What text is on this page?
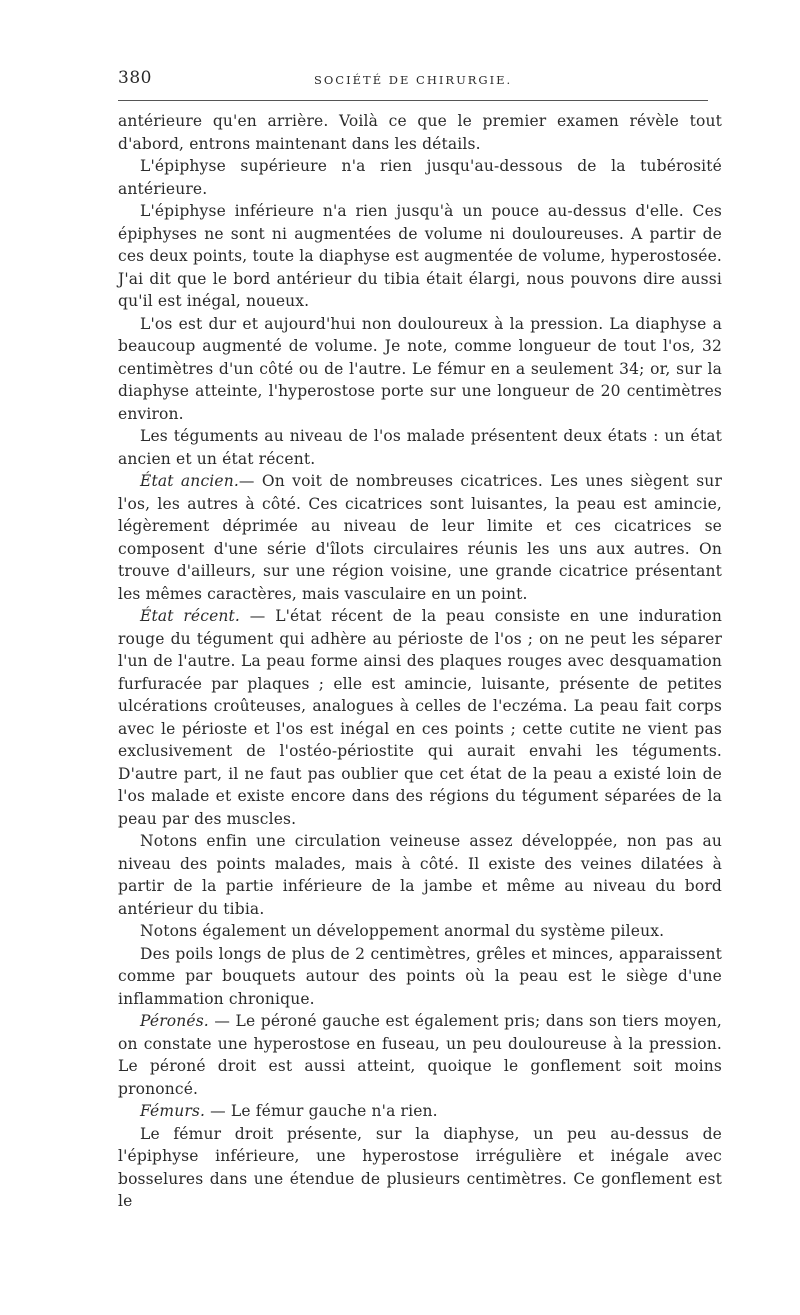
380	SOCIÉTÉ DE CHIRURGIE.

antérieure qu'en arrière. Voilà ce que le premier examen révèle tout d'abord, entrons maintenant dans les détails.

L'épiphyse supérieure n'a rien jusqu'au-dessous de la tubérosité antérieure.

L'épiphyse inférieure n'a rien jusqu'à un pouce au-dessus d'elle. Ces épiphyses ne sont ni augmentées de volume ni douloureuses. A partir de ces deux points, toute la diaphyse est augmentée de volume, hyperostosée. J'ai dit que le bord antérieur du tibia était élargi, nous pouvons dire aussi qu'il est inégal, noueux.

L'os est dur et aujourd'hui non douloureux à la pression. La diaphyse a beaucoup augmenté de volume. Je note, comme longueur de tout l'os, 32 centimètres d'un côté ou de l'autre. Le fémur en a seulement 34; or, sur la diaphyse atteinte, l'hyperostose porte sur une longueur de 20 centimètres environ.

Les téguments au niveau de l'os malade présentent deux états : un état ancien et un état récent.

État ancien.— On voit de nombreuses cicatrices. Les unes siègent sur l'os, les autres à côté. Ces cicatrices sont luisantes, la peau est amincie, légèrement déprimée au niveau de leur limite et ces cicatrices se composent d'une série d'îlots circulaires réunis les uns aux autres. On trouve d'ailleurs, sur une région voisine, une grande cicatrice présentant les mêmes caractères, mais vasculaire en un point.

État récent. — L'état récent de la peau consiste en une induration rouge du tégument qui adhère au périoste de l'os ; on ne peut les séparer l'un de l'autre. La peau forme ainsi des plaques rouges avec desquamation furfuracée par plaques ; elle est amincie, luisante, présente de petites ulcérations croûteuses, analogues à celles de l'eczéma. La peau fait corps avec le périoste et l'os est inégal en ces points ; cette cutite ne vient pas exclusivement de l'ostéo-périostite qui aurait envahi les téguments. D'autre part, il ne faut pas oublier que cet état de la peau a existé loin de l'os malade et existe encore dans des régions du tégument séparées de la peau par des muscles.

Notons enfin une circulation veineuse assez développée, non pas au niveau des points malades, mais à côté. Il existe des veines dilatées à partir de la partie inférieure de la jambe et même au niveau du bord antérieur du tibia.

Notons également un développement anormal du système pileux.

Des poils longs de plus de 2 centimètres, grêles et minces, apparaissent comme par bouquets autour des points où la peau est le siège d'une inflammation chronique.

Péronés. — Le péroné gauche est également pris; dans son tiers moyen, on constate une hyperostose en fuseau, un peu douloureuse à la pression. Le péroné droit est aussi atteint, quoique le gonflement soit moins prononcé.

Fémurs. — Le fémur gauche n'a rien.

Le fémur droit présente, sur la diaphyse, un peu au-dessus de l'épiphyse inférieure, une hyperostose irrégulière et inégale avec bosselures dans une étendue de plusieurs centimètres. Ce gonflement est le
